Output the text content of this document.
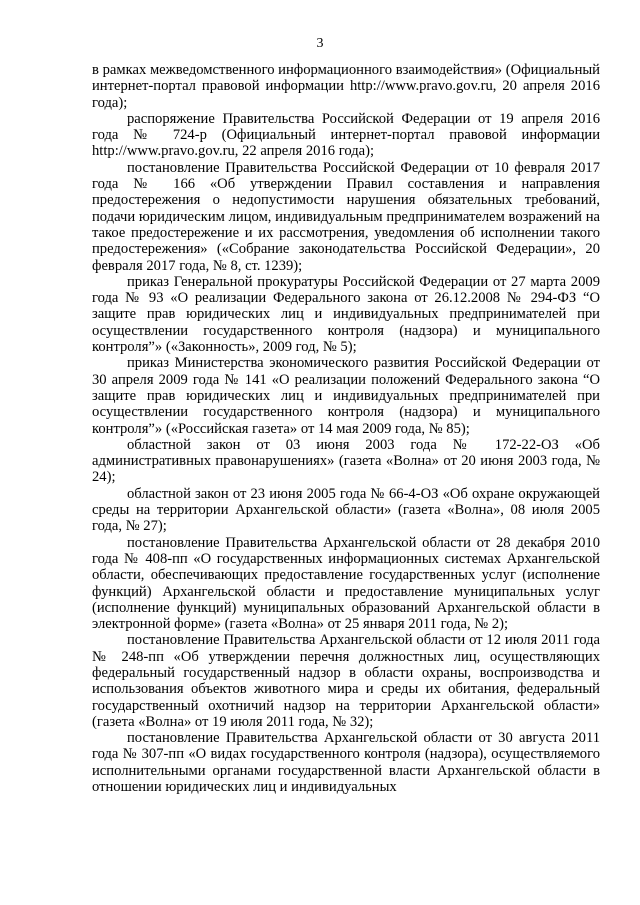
3

в рамках межведомственного информационного взаимодействия» (Официальный интернет-портал правовой информации http://www.pravo.gov.ru, 20 апреля 2016 года);

распоряжение Правительства Российской Федерации от 19 апреля 2016 года № 724-р (Официальный интернет-портал правовой информации http://www.pravo.gov.ru, 22 апреля 2016 года);

постановление Правительства Российской Федерации от 10 февраля 2017 года № 166 «Об утверждении Правил составления и направления предостережения о недопустимости нарушения обязательных требований, подачи юридическим лицом, индивидуальным предпринимателем возражений на такое предостережение и их рассмотрения, уведомления об исполнении такого предостережения» («Собрание законодательства Российской Федерации», 20 февраля 2017 года, № 8, ст. 1239);

приказ Генеральной прокуратуры Российской Федерации от 27 марта 2009 года № 93 «О реализации Федерального закона от 26.12.2008 № 294-ФЗ “О защите прав юридических лиц и индивидуальных предпринимателей при осуществлении государственного контроля (надзора) и муниципального контроля”» («Законность», 2009 год, № 5);

приказ Министерства экономического развития Российской Федерации от 30 апреля 2009 года № 141 «О реализации положений Федерального закона “О защите прав юридических лиц и индивидуальных предпринимателей при осуществлении государственного контроля (надзора) и муниципального контроля”» («Российская газета» от 14 мая 2009 года, № 85);

областной закон от 03 июня 2003 года № 172-22-ОЗ «Об административных правонарушениях» (газета «Волна» от 20 июня 2003 года, № 24);

областной закон от 23 июня 2005 года № 66-4-ОЗ «Об охране окружающей среды на территории Архангельской области» (газета «Волна», 08 июля 2005 года, № 27);

постановление Правительства Архангельской области от 28 декабря 2010 года № 408-пп «О государственных информационных системах Архангельской области, обеспечивающих предоставление государственных услуг (исполнение функций) Архангельской области и предоставление муниципальных услуг (исполнение функций) муниципальных образований Архангельской области в электронной форме» (газета «Волна» от 25 января 2011 года, № 2);

постановление Правительства Архангельской области от 12 июля 2011 года № 248-пп «Об утверждении перечня должностных лиц, осуществляющих федеральный государственный надзор в области охраны, воспроизводства и использования объектов животного мира и среды их обитания, федеральный государственный охотничий надзор на территории Архангельской области» (газета «Волна» от 19 июля 2011 года, № 32);

постановление Правительства Архангельской области от 30 августа 2011 года № 307-пп «О видах государственного контроля (надзора), осуществляемого исполнительными органами государственной власти Архангельской области в отношении юридических лиц и индивидуальных
